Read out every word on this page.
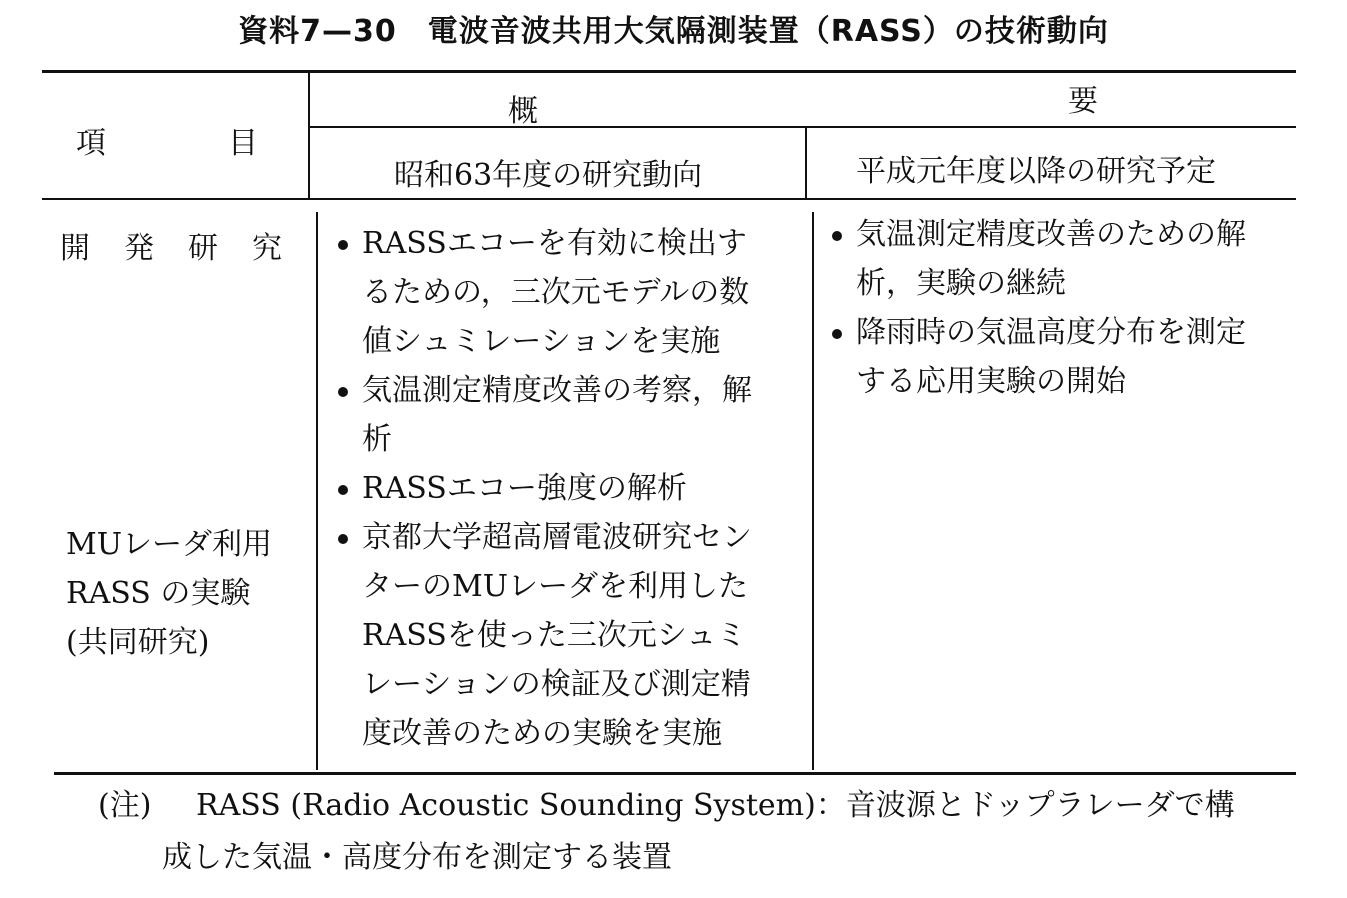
資料7—30　電波音波共用大気隔測装置（RASS）の技術動向
項　　　目
概	要
昭和63年度の研究動向	平成元年度以降の研究予定
開　発　研　究
MUレーダ利用
RASS の実験
(共同研究)
RASSエコーを有効に検出す
るための，三次元モデルの数
値シュミレーションを実施
気温測定精度改善の考察，解
析
RASSエコー強度の解析
京都大学超高層電波研究セン
ターのMUレーダを利用した
RASSを使った三次元シュミ
レーションの検証及び測定精
度改善のための実験を実施
気温測定精度改善のための解
析，実験の継続
降雨時の気温高度分布を測定
する応用実験の開始
(注) RASS (Radio Acoustic Sounding System)：音波源とドップラレーダで構
成した気温・高度分布を測定する装置
